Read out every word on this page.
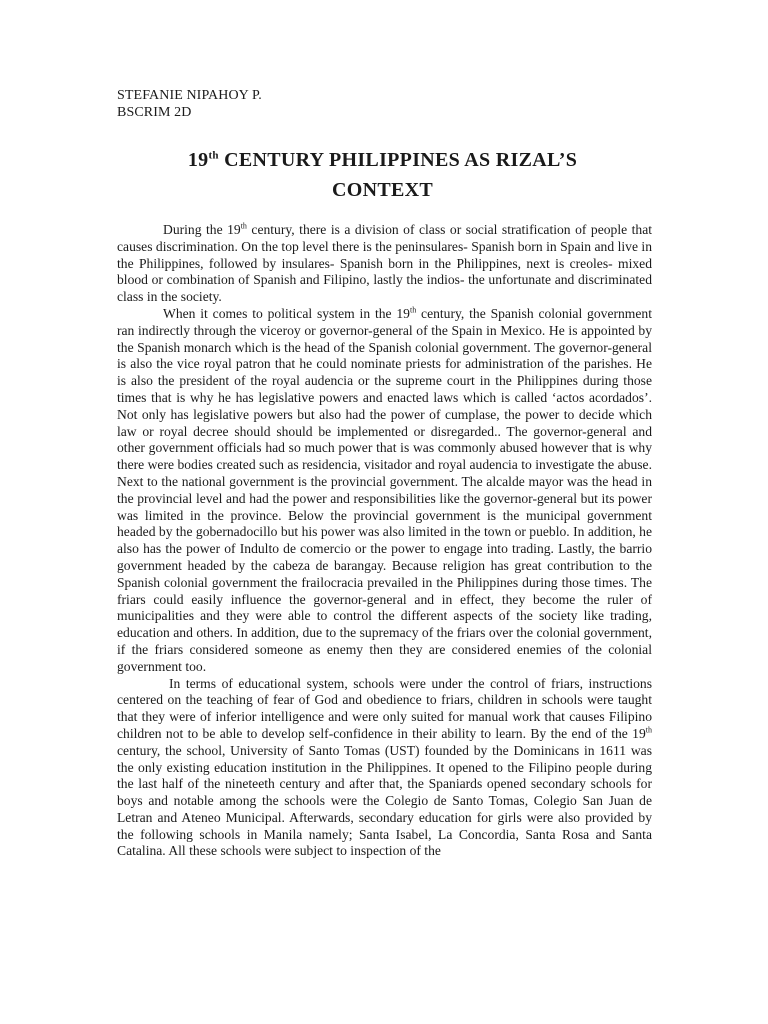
STEFANIE NIPAHOY P.
BSCRIM 2D
19th CENTURY PHILIPPINES AS RIZAL’S
CONTEXT

During the 19th century, there is a division of class or social stratification of people that causes discrimination. On the top level there is the peninsulares- Spanish born in Spain and live in the Philippines, followed by insulares- Spanish born in the Philippines, next is creoles- mixed blood or combination of Spanish and Filipino, lastly the indios- the unfortunate and discriminated class in the society.

When it comes to political system in the 19th century, the Spanish colonial government ran indirectly through the viceroy or governor-general of the Spain in Mexico. He is appointed by the Spanish monarch which is the head of the Spanish colonial government. The governor-general is also the vice royal patron that he could nominate priests for administration of the parishes. He is also the president of the royal audencia or the supreme court in the Philippines during those times that is why he has legislative powers and enacted laws which is called ‘actos acordados’. Not only has legislative powers but also had the power of cumplase, the power to decide which law or royal decree should should be implemented or disregarded.. The governor-general and other government officials had so much power that is was commonly abused however that is why there were bodies created such as residencia, visitador and royal audencia to investigate the abuse. Next to the national government is the provincial government. The alcalde mayor was the head in the provincial level and had the power and responsibilities like the governor-general but its power was limited in the province. Below the provincial government is the municipal government headed by the gobernadocillo but his power was also limited in the town or pueblo. In addition, he also has the power of Indulto de comercio or the power to engage into trading. Lastly, the barrio government headed by the cabeza de barangay. Because religion has great contribution to the Spanish colonial government the frailocracia prevailed in the Philippines during those times. The friars could easily influence the governor-general and in effect, they become the ruler of municipalities and they were able to control the different aspects of the society like trading, education and others. In addition, due to the supremacy of the friars over the colonial government, if the friars considered someone as enemy then they are considered enemies of the colonial government too.

In terms of educational system, schools were under the control of friars, instructions centered on the teaching of fear of God and obedience to friars, children in schools were taught that they were of inferior intelligence and were only suited for manual work that causes Filipino children not to be able to develop self-confidence in their ability to learn. By the end of the 19th century, the school, University of Santo Tomas (UST) founded by the Dominicans in 1611 was the only existing education institution in the Philippines. It opened to the Filipino people during the last half of the nineteeth century and after that, the Spaniards opened secondary schools for boys and notable among the schools were the Colegio de Santo Tomas, Colegio San Juan de Letran and Ateneo Municipal. Afterwards, secondary education for girls were also provided by the following schools in Manila namely; Santa Isabel, La Concordia, Santa Rosa and Santa Catalina. All these schools were subject to inspection of the
